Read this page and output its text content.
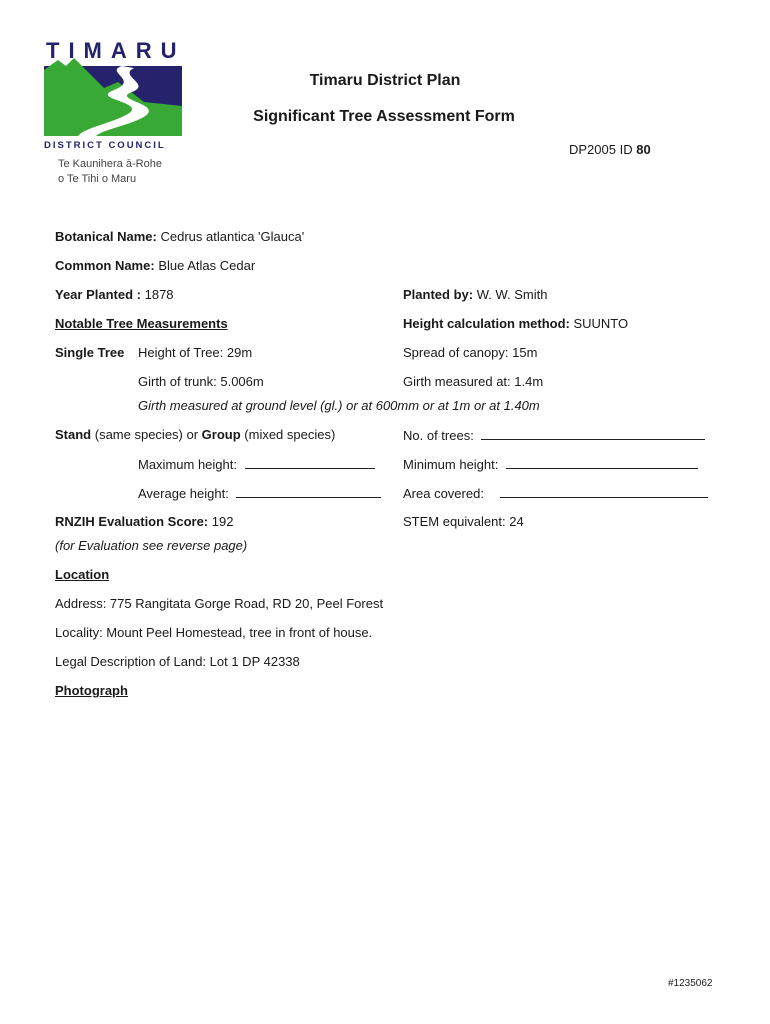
TIMARU
DISTRICT COUNCIL
Te Kaunihera ā-Rohe
o Te Tihi o Maru
Timaru District Plan
Significant Tree Assessment Form
DP2005 ID 80
Botanical Name: Cedrus atlantica 'Glauca'
Common Name: Blue Atlas Cedar
Year Planted : 1878	Planted by: W. W. Smith
Notable Tree Measurements	Height calculation method: SUUNTO
Single Tree Height of Tree: 29m	Spread of canopy: 15m
Girth of trunk: 5.006m	Girth measured at: 1.4m
Girth measured at ground level (gl.) or at 600mm or at 1m or at 1.40m
Stand (same species) or Group (mixed species)	No. of trees:
Maximum height:	Minimum height:
Average height:	Area covered:
RNZIH Evaluation Score: 192	STEM equivalent: 24
(for Evaluation see reverse page)
Location
Address: 775 Rangitata Gorge Road, RD 20, Peel Forest
Locality: Mount Peel Homestead, tree in front of house.
Legal Description of Land: Lot 1 DP 42338
Photograph
#1235062
